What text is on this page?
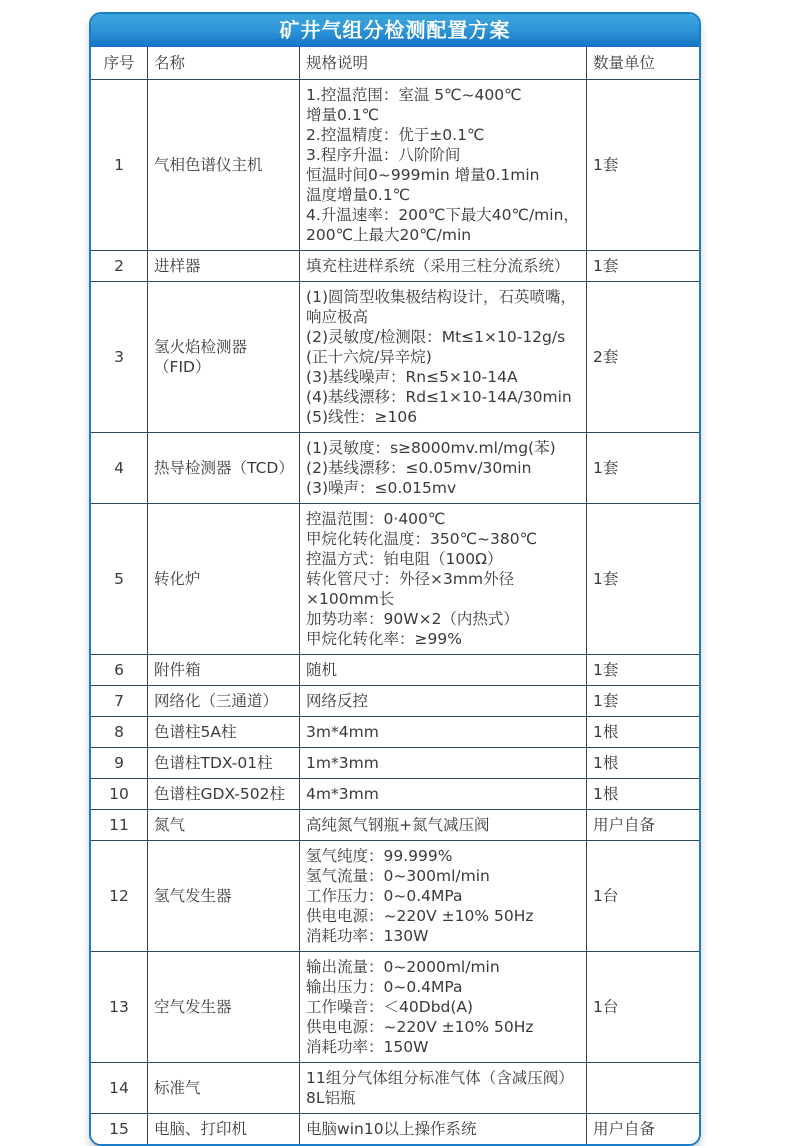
矿井气组分检测配置方案
序号	名称	规格说明	数量单位
1	气相色谱仪主机	1.控温范围：室温 5℃~400℃
增量0.1℃
2.控温精度：优于±0.1℃
3.程序升温：八阶阶间
恒温时间0~999min 增量0.1min
温度增量0.1℃
4.升温速率：200℃下最大40℃/min，
200℃上最大20℃/min	1套
2	进样器	填充柱进样系统（采用三柱分流系统）	1套
3	氢火焰检测器（FID）	(1)圆筒型收集极结构设计，石英喷嘴，
响应极高
(2)灵敏度/检测限：Mt≤1×10-12g/s
(正十六烷/异辛烷)
(3)基线噪声：Rn≤5×10-14A
(4)基线漂移：Rd≤1×10-14A/30min
(5)线性：≥106	2套
4	热导检测器（TCD）	(1)灵敏度：s≥8000mv.ml/mg(苯)
(2)基线漂移：≤0.05mv/30min
(3)噪声：≤0.015mv	1套
5	转化炉	控温范围：0·400℃
甲烷化转化温度：350℃~380℃
控温方式：铂电阻（100Ω）
转化管尺寸：外径×3mm外径×100mm长
加势功率：90W×2（内热式）
甲烷化转化率：≥99%	1套
6	附件箱	随机	1套
7	网络化（三通道）	网络反控	1套
8	色谱柱5A柱	3m*4mm	1根
9	色谱柱TDX-01柱	1m*3mm	1根
10	色谱柱GDX-502柱	4m*3mm	1根
11	氮气	高纯氮气钢瓶+氮气减压阀	用户自备
12	氢气发生器	氢气纯度：99.999%
氢气流量：0~300ml/min
工作压力：0~0.4MPa
供电电源：~220V ±10% 50Hz
消耗功率：130W	1台
13	空气发生器	输出流量：0~2000ml/min
输出压力：0~0.4MPa
工作噪音：＜40Dbd(A)
供电电源：~220V ±10% 50Hz
消耗功率：150W	1台
14	标准气	11组分气体组分标准气体（含减压阀）
8L铝瓶	
15	电脑、打印机	电脑win10以上操作系统	用户自备
